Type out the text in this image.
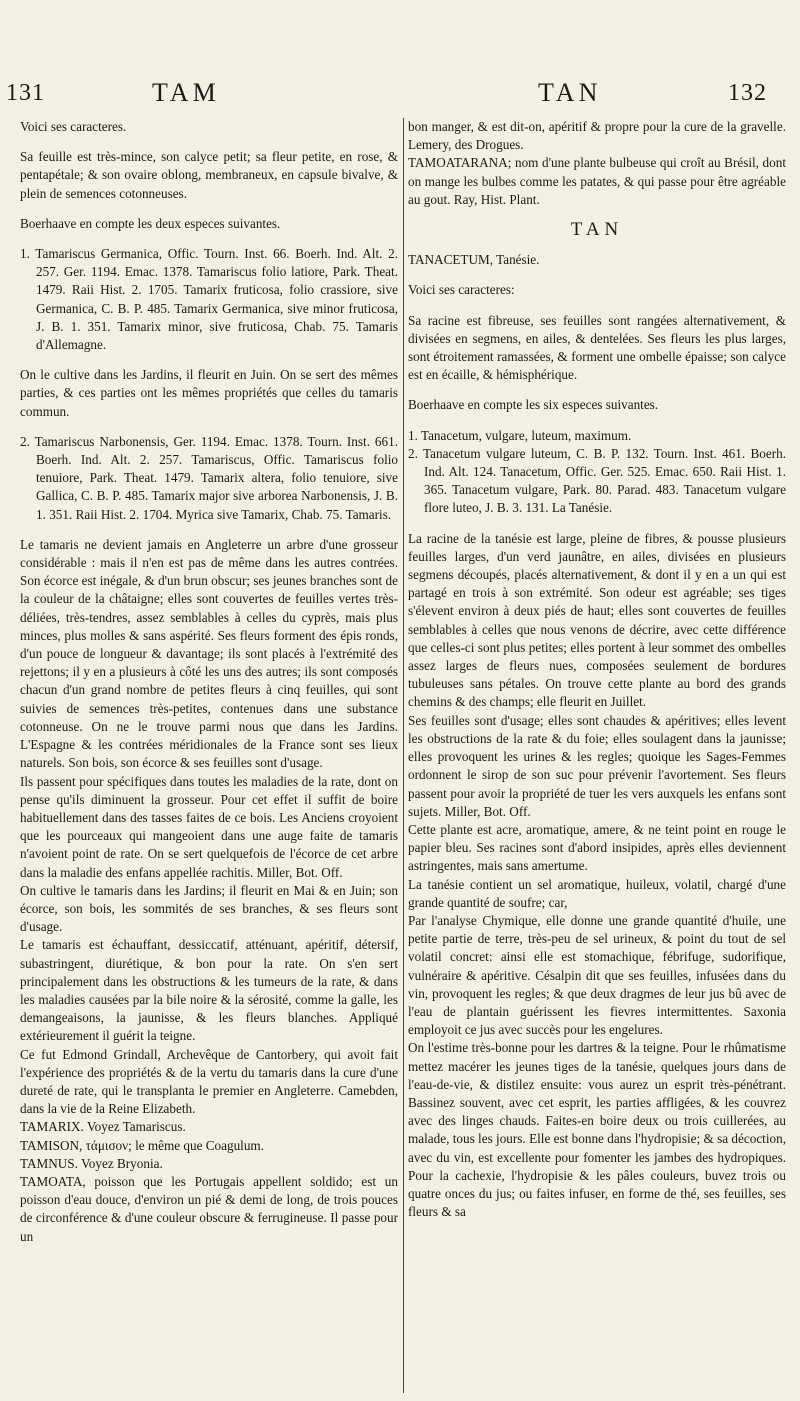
131	TAM	TAN	132

Voici ses caracteres.

Sa feuille est très-mince, son calyce petit; sa fleur petite, en rose, & pentapétale; & son ovaire oblong, membraneux, en capsule bivalve, & plein de semences cotonneuses.

Boerhaave en compte les deux especes suivantes.

1. Tamariscus Germanica, Offic. Tourn. Inst. 66. Boerh. Ind. Alt. 2. 257. Ger. 1194. Emac. 1378. Tamariscus folio latiore, Park. Theat. 1479. Raii Hist. 2. 1705. Tamarix fruticosa, folio crassiore, sive Germanica, C. B. P. 485. Tamarix Germanica, sive minor fruticosa, J. B. 1. 351. Tamarix minor, sive fruticosa, Chab. 75. Tamaris d'Allemagne.

On le cultive dans les Jardins, il fleurit en Juin. On se sert des mêmes parties, & ces parties ont les mêmes propriétés que celles du tamaris commun.

2. Tamariscus Narbonensis, Ger. 1194. Emac. 1378. Tourn. Inst. 661. Boerh. Ind. Alt. 2. 257. Tamariscus, Offic. Tamariscus folio tenuiore, Park. Theat. 1479. Tamarix altera, folio tenuiore, sive Gallica, C. B. P. 485. Tamarix major sive arborea Narbonensis, J. B. 1. 351. Raii Hist. 2. 1704. Myrica sive Tamarix, Chab. 75. Tamaris.

Le tamaris ne devient jamais en Angleterre un arbre d'une grosseur considérable : mais il n'en est pas de même dans les autres contrées. Son écorce est inégale, & d'un brun obscur; ses jeunes branches sont de la couleur de la châtaigne; elles sont couvertes de feuilles vertes très-déliées, très-tendres, assez semblables à celles du cyprès, mais plus minces, plus molles & sans aspérité. Ses fleurs forment des épis ronds, d'un pouce de longueur & davantage; ils sont placés à l'extrémité des rejettons; il y en a plusieurs à côté les uns des autres; ils sont composés chacun d'un grand nombre de petites fleurs à cinq feuilles, qui sont suivies de semences très-petites, contenues dans une substance cotonneuse. On ne le trouve parmi nous que dans les Jardins. L'Espagne & les contrées méridionales de la France sont ses lieux naturels. Son bois, son écorce & ses feuilles sont d'usage.

Ils passent pour spécifiques dans toutes les maladies de la rate, dont on pense qu'ils diminuent la grosseur. Pour cet effet il suffit de boire habituellement dans des tasses faites de ce bois. Les Anciens croyoient que les pourceaux qui mangeoient dans une auge faite de tamaris n'avoient point de rate. On se sert quelquefois de l'écorce de cet arbre dans la maladie des enfans appellée rachitis. Miller, Bot. Off.

On cultive le tamaris dans les Jardins; il fleurit en Mai & en Juin; son écorce, son bois, les sommités de ses branches, & ses fleurs sont d'usage.

Le tamaris est échauffant, dessiccatif, atténuant, apéritif, détersif, subastringent, diurétique, & bon pour la rate. On s'en sert principalement dans les obstructions & les tumeurs de la rate, & dans les maladies causées par la bile noire & la sérosité, comme la galle, les demangeaisons, la jaunisse, & les fleurs blanches. Appliqué extérieurement il guérit la teigne.

Ce fut Edmond Grindall, Archevêque de Cantorbery, qui avoit fait l'expérience des propriétés & de la vertu du tamaris dans la cure d'une dureté de rate, qui le transplanta le premier en Angleterre. Camebden, dans la vie de la Reine Elizabeth.

TAMARIX. Voyez Tamariscus.

TAMISON, τάμισον; le même que Coagulum.

TAMNUS. Voyez Bryonia.

TAMOATA, poisson que les Portugais appellent soldido; est un poisson d'eau douce, d'environ un pié & demi de long, de trois pouces de circonférence & d'une couleur obscure & ferrugineuse. Il passe pour un

bon manger, & est dit-on, apéritif & propre pour la cure de la gravelle. Lemery, des Drogues.

TAMOATARANA; nom d'une plante bulbeuse qui croît au Brésil, dont on mange les bulbes comme les patates, & qui passe pour être agréable au gout. Ray, Hist. Plant.

TAN

TANACETUM, Tanésie.

Voici ses caracteres:

Sa racine est fibreuse, ses feuilles sont rangées alternativement, & divisées en segmens, en ailes, & dentelées. Ses fleurs les plus larges, sont étroitement ramassées, & forment une ombelle épaisse; son calyce est en écaille, & hémisphérique.

Boerhaave en compte les six especes suivantes.

1. Tanacetum, vulgare, luteum, maximum.

2. Tanacetum vulgare luteum, C. B. P. 132. Tourn. Inst. 461. Boerh. Ind. Alt. 124. Tanacetum, Offic. Ger. 525. Emac. 650. Raii Hist. 1. 365. Tanacetum vulgare, Park. 80. Parad. 483. Tanacetum vulgare flore luteo, J. B. 3. 131. La Tanésie.

La racine de la tanésie est large, pleine de fibres, & pousse plusieurs feuilles larges, d'un verd jaunâtre, en ailes, divisées en plusieurs segmens découpés, placés alternativement, & dont il y en a un qui est partagé en trois à son extrémité. Son odeur est agréable; ses tiges s'élevent environ à deux piés de haut; elles sont couvertes de feuilles semblables à celles que nous venons de décrire, avec cette différence que celles-ci sont plus petites; elles portent à leur sommet des ombelles assez larges de fleurs nues, composées seulement de bordures tubuleuses sans pétales. On trouve cette plante au bord des grands chemins & des champs; elle fleurit en Juillet.

Ses feuilles sont d'usage; elles sont chaudes & apéritives; elles levent les obstructions de la rate & du foie; elles soulagent dans la jaunisse; elles provoquent les urines & les regles; quoique les Sages-Femmes ordonnent le sirop de son suc pour prévenir l'avortement. Ses fleurs passent pour avoir la propriété de tuer les vers auxquels les enfans sont sujets. Miller, Bot. Off.

Cette plante est acre, aromatique, amere, & ne teint point en rouge le papier bleu. Ses racines sont d'abord insipides, après elles deviennent astringentes, mais sans amertume.

La tanésie contient un sel aromatique, huileux, volatil, chargé d'une grande quantité de soufre; car,

Par l'analyse Chymique, elle donne une grande quantité d'huile, une petite partie de terre, très-peu de sel urineux, & point du tout de sel volatil concret: ainsi elle est stomachique, fébrifuge, sudorifique, vulnéraire & apéritive. Césalpin dit que ses feuilles, infusées dans du vin, provoquent les regles; & que deux dragmes de leur jus bû avec de l'eau de plantain guérissent les fievres intermittentes. Saxonia employoit ce jus avec succès pour les engelures.

On l'estime très-bonne pour les dartres & la teigne. Pour le rhûmatisme mettez macérer les jeunes tiges de la tanésie, quelques jours dans de l'eau-de-vie, & distilez ensuite: vous aurez un esprit très-pénétrant. Bassinez souvent, avec cet esprit, les parties affligées, & les couvrez avec des linges chauds. Faites-en boire deux ou trois cuillerées, au malade, tous les jours. Elle est bonne dans l'hydropisie; & sa décoction, avec du vin, est excellente pour fomenter les jambes des hydropiques. Pour la cachexie, l'hydropisie & les pâles couleurs, buvez trois ou quatre onces du jus; ou faites infuser, en forme de thé, ses feuilles, ses fleurs & sa
